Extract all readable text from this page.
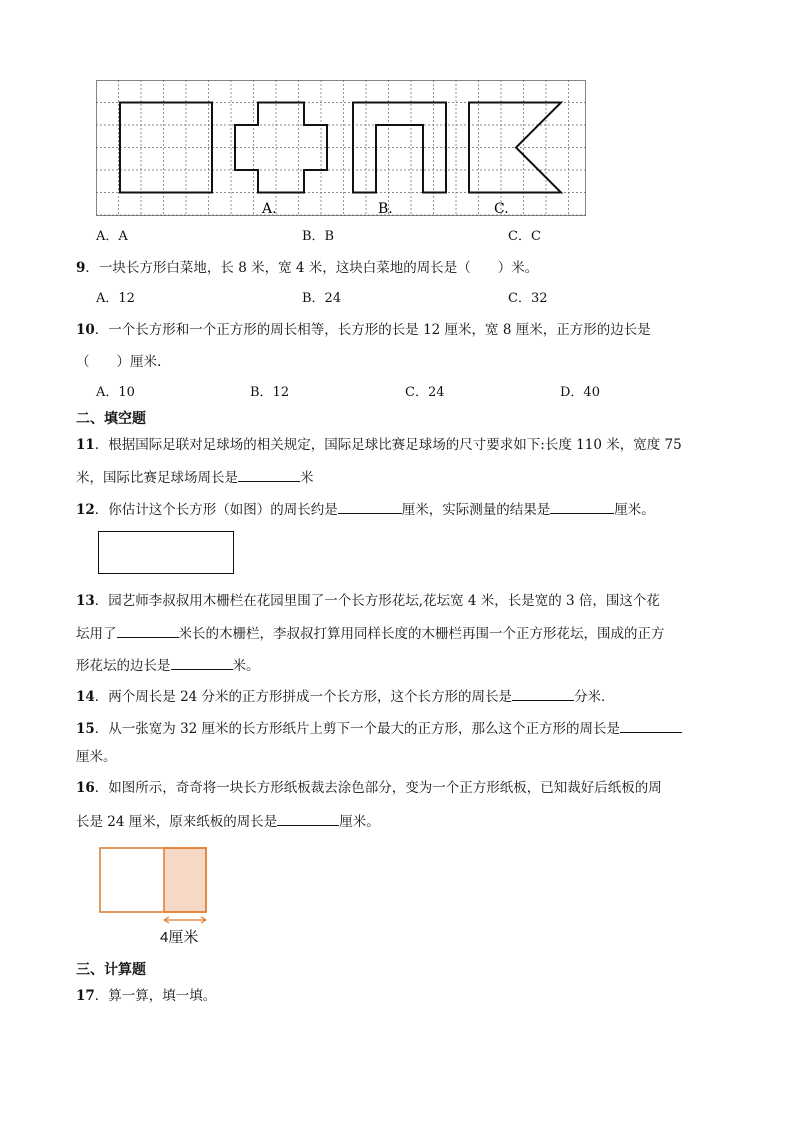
A.	B.	C.
A．A	B．B	C．C
9．一块长方形白菜地，长 8 米，宽 4 米，这块白菜地的周长是（　　）米。
A．12	B．24	C．32
10．一个长方形和一个正方形的周长相等，长方形的长是 12 厘米，宽 8 厘米，正方形的边长是
（　　）厘米.
A．10	B．12	C．24	D．40
二、填空题
11．根据国际足联对足球场的相关规定，国际足球比赛足球场的尺寸要求如下:长度 110 米，宽度 75
米，国际比赛足球场周长是	米
12．你估计这个长方形（如图）的周长约是	厘米，实际测量的结果是	厘米。
13．园艺师李叔叔用木栅栏在花园里围了一个长方形花坛,花坛宽 4 米，长是宽的 3 倍，围这个花
坛用了	米长的木栅栏，李叔叔打算用同样长度的木栅栏再围一个正方形花坛，围成的正方
形花坛的边长是	米。
14．两个周长是 24 分米的正方形拼成一个长方形，这个长方形的周长是	分米．
15．从一张宽为 32 厘米的长方形纸片上剪下一个最大的正方形，那么这个正方形的周长是
厘米。
16．如图所示，奇奇将一块长方形纸板裁去涂色部分，变为一个正方形纸板，已知裁好后纸板的周
长是 24 厘米，原来纸板的周长是	厘米。
4厘米
三、计算题
17．算一算，填一填。
